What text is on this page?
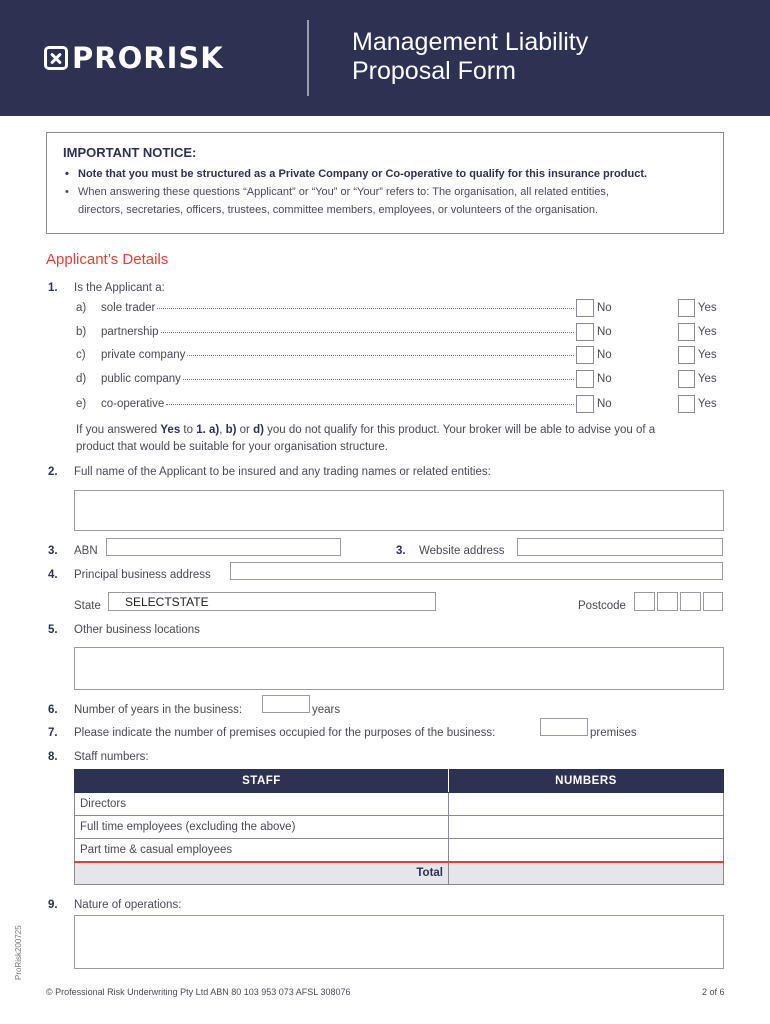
PRORISK	Management Liability
Proposal Form
IMPORTANT NOTICE:
• Note that you must be structured as a Private Company or Co-operative to qualify for this insurance product.
• When answering these questions “Applicant” or “You” or “Your” refers to: The organisation, all related entities,
directors, secretaries, officers, trustees, committee members, employees, or volunteers of the organisation.
Applicant’s Details
1. Is the Applicant a:
a)	sole trader	No	Yes
b)	partnership	No	Yes
c)	private company	No	Yes
d)	public company	No	Yes
e)	co-operative	No	Yes
If you answered Yes to 1. a), b) or d) you do not qualify for this product. Your broker will be able to advise you of a
product that would be suitable for your organisation structure.
2. Full name of the Applicant to be insured and any trading names or related entities:
3. ABN	3. Website address
4. Principal business address
State	SELECTSTATE	Postcode
5. Other business locations
6. Number of years in the business:	years
7. Please indicate the number of premises occupied for the purposes of the business:	premises
8. Staff numbers:
STAFF	NUMBERS
Directors	
Full time employees (excluding the above)	
Part time & casual employees	
Total	
9. Nature of operations:
ProRisk200725
© Professional Risk Underwriting Pty Ltd ABN 80 103 953 073 AFSL 308076	2 of 6
